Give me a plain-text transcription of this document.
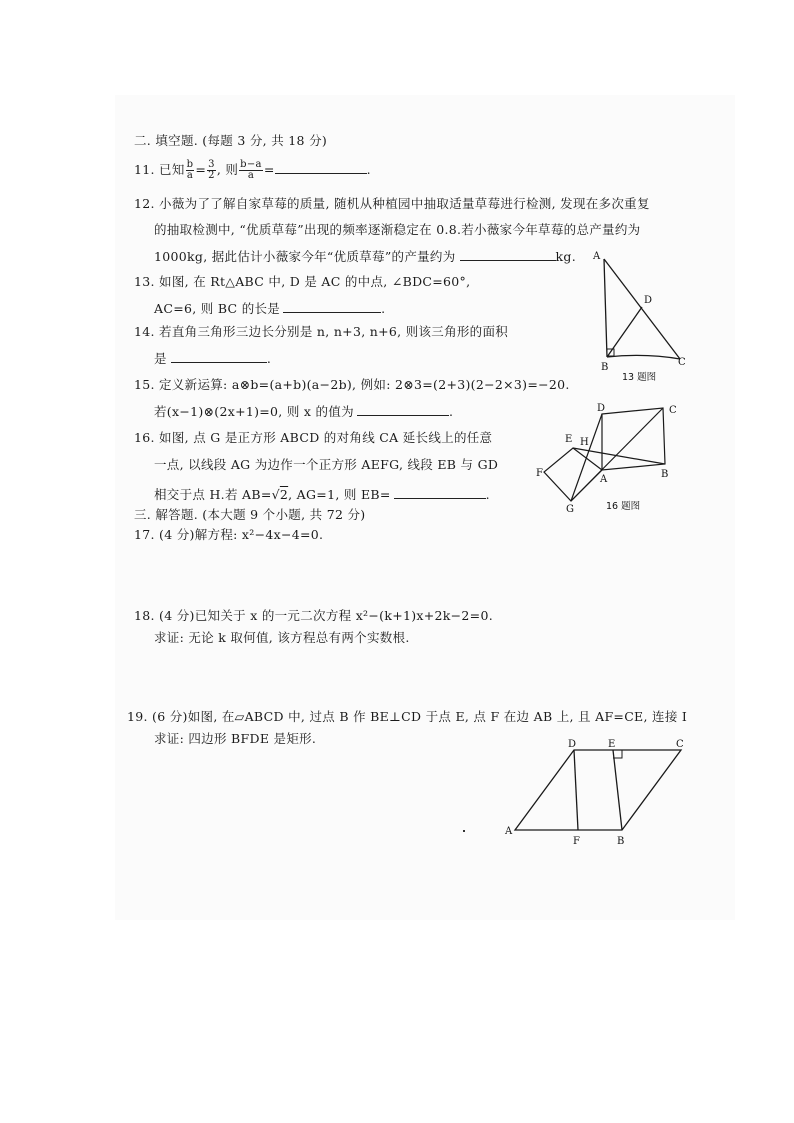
二. 填空题. (每题 3 分, 共 18 分)
11. 已知 $\frac{b}{a} = \frac{3}{2}$ , 则 $\frac{b-a}{a}$ =	.
12. 小薇为了了解自家草莓的质量, 随机从种植园中抽取适量草莓进行检测, 发现在多次重复
的抽取检测中, “优质草莓”出现的频率逐渐稳定在 0.8.若小薇家今年草莓的总产量约为
1000kg, 据此估计小薇家今年“优质草莓”的产量约为	kg.
13. 如图, 在 Rt△ABC 中, D 是 AC 的中点, ∠BDC=60°,
AC=6, 则 BC 的长是	.
14. 若直角三角形三边长分别是 n, n+3, n+6, 则该三角形的面积
是	.
15. 定义新运算: a⊗b=(a+b)(a−2b), 例如: 2⊗3=(2+3)(2−2×3)=−20.
若(x−1)⊗(2x+1)=0, 则 x 的值为	.
16. 如图, 点 G 是正方形 ABCD 的对角线 CA 延长线上的任意
一点, 以线段 AG 为边作一个正方形 AEFG, 线段 EB 与 GD
相交于点 H.若 AB=√2, AG=1, 则 EB=	.
三. 解答题. (本大题 9 个小题, 共 72 分)
17. (4 分)解方程: x²−4x−4=0.
18. (4 分)已知关于 x 的一元二次方程 x²−(k+1)x+2k−2=0.
求证: 无论 k 取何值, 该方程总有两个实数根.
19. (6 分)如图, 在▱ABCD 中, 过点 B 作 BE⊥CD 于点 E, 点 F 在边 AB 上, 且 AF=CE, 连接 I
求证: 四边形 BFDE 是矩形.
A
D
B	C
13 题图
D	C
E H
F
A	B
G	16 题图
D	E	C
A
F	B
